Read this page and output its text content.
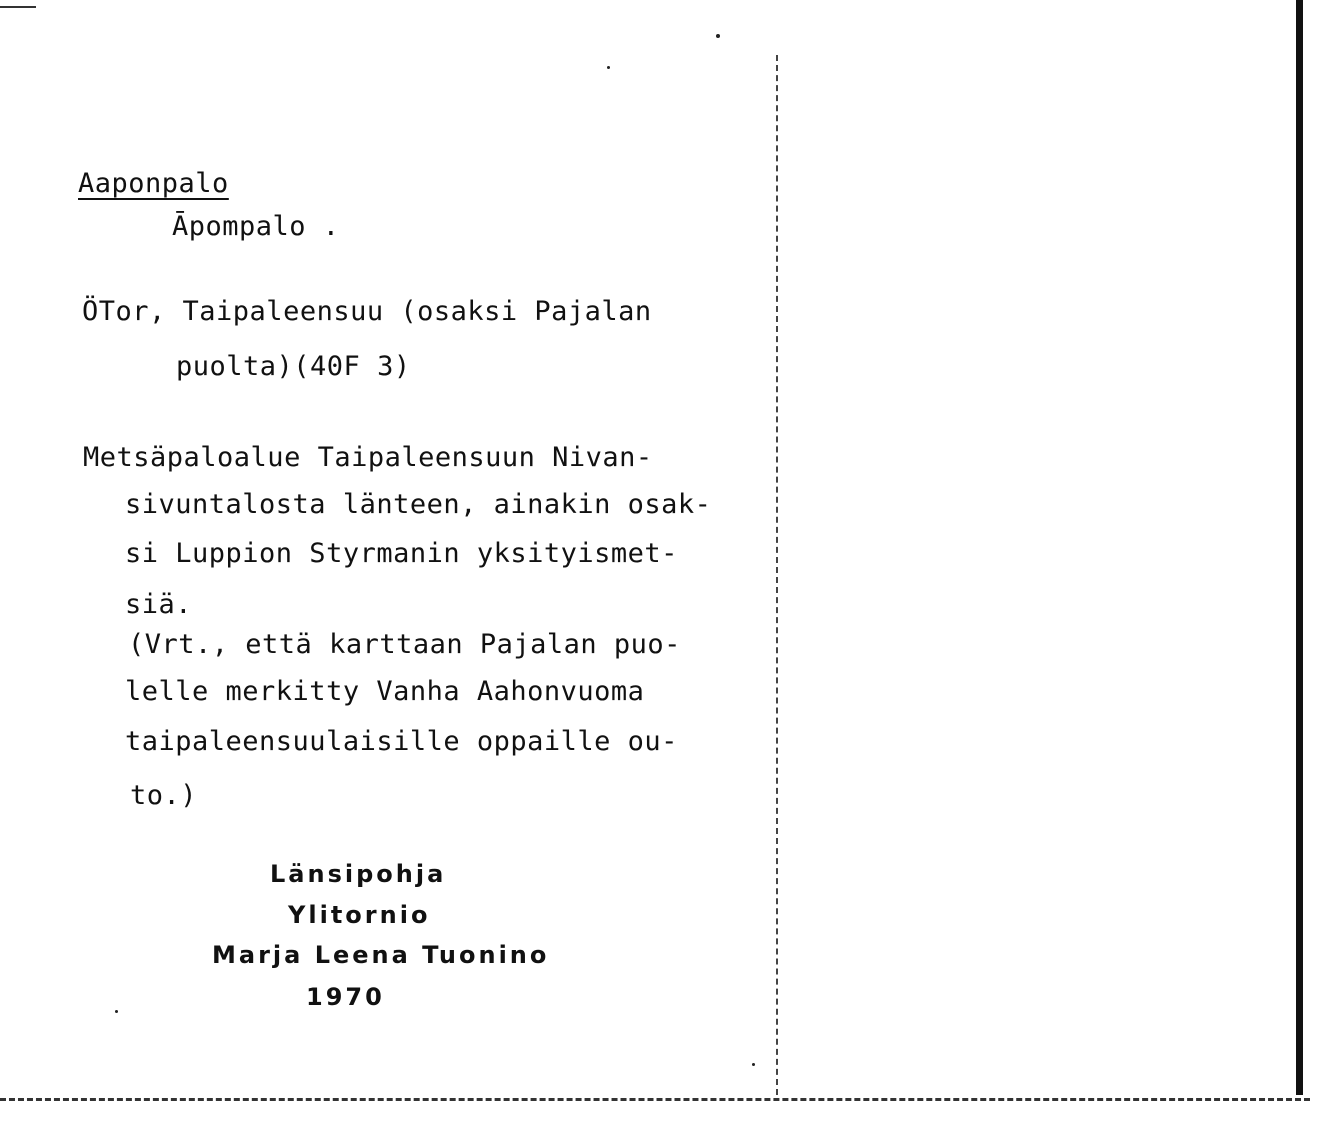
Aaponpalo
Āpompalo .
ÖTor, Taipaleensuu (osaksi Pajalan
puolta)(40F 3)
Metsäpaloalue Taipaleensuun Nivan-
sivuntalosta länteen, ainakin osak-
si Luppion Styrmanin yksityismet-
siä.
(Vrt., että karttaan Pajalan puo-
lelle merkitty Vanha Aahonvuoma
taipaleensuulaisille oppaille ou-
to.)
Länsipohja
Ylitornio
Marja Leena Tuonino
1970
